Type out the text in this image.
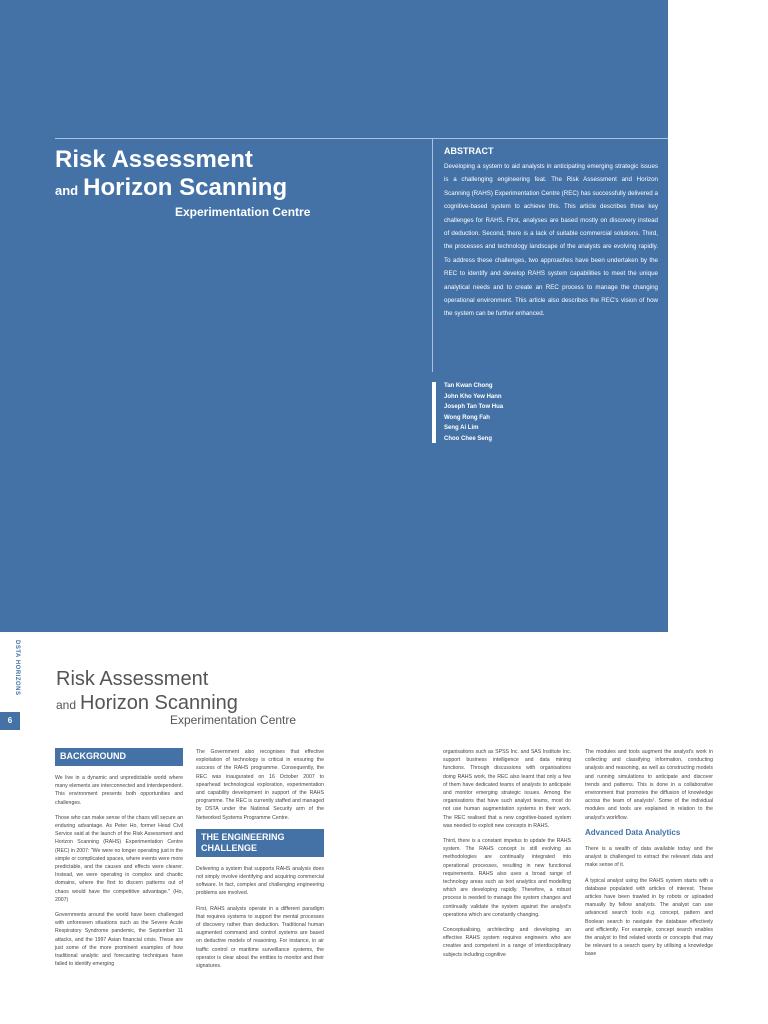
Risk Assessment
and Horizon Scanning
Experimentation Centre
ABSTRACT

Developing a system to aid analysts in anticipating emerging strategic issues is a challenging engineering feat. The Risk Assessment and Horizon Scanning (RAHS) Experimentation Centre (REC) has successfully delivered a cognitive-based system to achieve this. This article describes three key challenges for RAHS. First, analyses are based mostly on discovery instead of deduction. Second, there is a lack of suitable commercial solutions. Third, the processes and technology landscape of the analysts are evolving rapidly. To address these challenges, two approaches have been undertaken by the REC to identify and develop RAHS system capabilities to meet the unique analytical needs and to create an REC process to manage the changing operational environment. This article also describes the REC's vision of how the system can be further enhanced.

Tan Kwan Chong
John Kho Yew Hann
Joseph Tan Tow Hua
Wong Rong Fah
Seng Ai Lim
Choo Chee Seng
DSTA HORIZONS
6
Risk Assessment
and Horizon Scanning
Experimentation Centre
BACKGROUND

We live in a dynamic and unpredictable world where many elements are interconnected and interdependent. This environment presents both opportunities and challenges.

Those who can make sense of the chaos will secure an enduring advantage. As Peter Ho, former Head Civil Service said at the launch of the Risk Assessment and Horizon Scanning (RAHS) Experimentation Centre (REC) in 2007: "We were no longer operating just in the simple or complicated spaces, where events were more predictable, and the causes and effects were clearer. Instead, we were operating in complex and chaotic domains, where the first to discern patterns out of chaos would have the competitive advantage." (Ho, 2007)

Governments around the world have been challenged with unforeseen situations such as the Severe Acute Respiratory Syndrome pandemic, the September 11 attacks, and the 1997 Asian financial crisis. These are just some of the more prominent examples of how traditional analytic and forecasting techniques have failed to identify emerging

The Government also recognises that effective exploitation of technology is critical in ensuring the success of the RAHS programme. Consequently, the REC was inaugurated on 16 October 2007 to spearhead technological exploration, experimentation and capability development in support of the RAHS programme. The REC is currently staffed and managed by DSTA under the National Security arm of the Networked Systems Programme Centre.

THE ENGINEERING CHALLENGE

Delivering a system that supports RAHS analysis does not simply involve identifying and acquiring commercial software. In fact, complex and challenging engineering problems are involved.

First, RAHS analysts operate in a different paradigm that requires systems to support the mental processes of discovery rather than deduction. Traditional human augmented command and control systems are based on deductive models of reasoning. For instance, in air traffic control or maritime surveillance systems, the operator is clear about the entities to monitor and their signatures.

organisations such as SPSS Inc. and SAS Institute Inc. support business intelligence and data mining functions. Through discussions with organisations doing RAHS work, the REC also learnt that only a few of them have dedicated teams of analysts to anticipate and monitor emerging strategic issues. Among the organisations that have such analyst teams, most do not use human augmentation systems in their work. The REC realised that a new cognitive-based system was needed to exploit new concepts in RAHS.

Third, there is a constant impetus to update the RAHS system. The RAHS concept is still evolving as methodologies are continually integrated into operational processes, resulting in new functional requirements. RAHS also uses a broad range of technology areas such as text analytics and modelling which are developing rapidly. Therefore, a robust process is needed to manage the system changes and continually validate the system against the analyst's operations which are constantly changing.

Conceptualising, architecting and developing an effective RAHS system requires engineers who are creative and competent in a range of interdisciplinary subjects including cognitive

The modules and tools augment the analyst's work in collecting and classifying information, conducting analysis and reasoning, as well as constructing models and running simulations to anticipate and discover trends and patterns. This is done in a collaborative environment that promotes the diffusion of knowledge across the team of analysts¹. Some of the individual modules and tools are explained in relation to the analyst's workflow.

Advanced Data Analytics

There is a wealth of data available today and the analyst is challenged to extract the relevant data and make sense of it.

A typical analyst using the RAHS system starts with a database populated with articles of interest. These articles have been trawled in by robots or uploaded manually by fellow analysts. The analyst can use advanced search tools e.g. concept, pattern and Boolean search to navigate the database effectively and efficiently. For example, concept search enables the analyst to find related words or concepts that may be relevant to a search query by utilising a knowledge base
